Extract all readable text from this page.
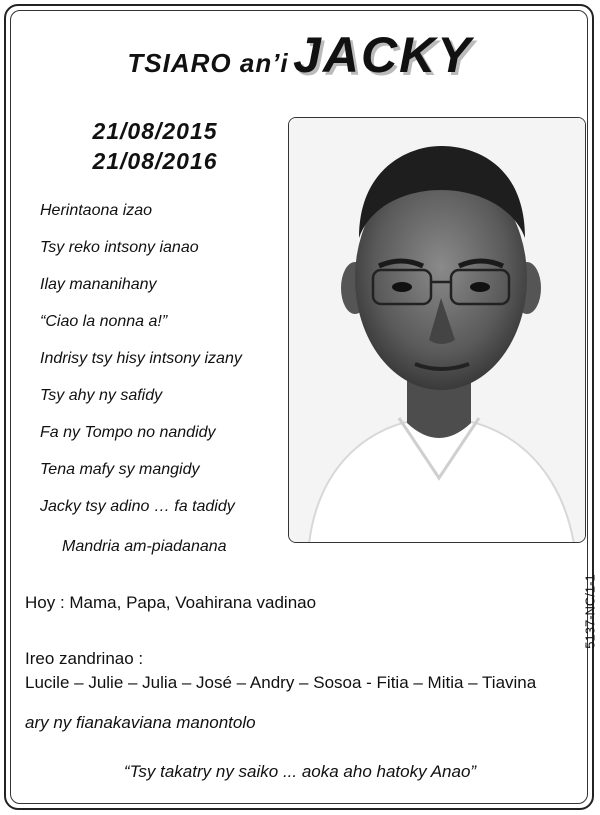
TSIARO an’i JACKY
21/08/2015
21/08/2016
Herintaona izao
Tsy reko intsony ianao
Ilay mananihany
“Ciao la nonna a!”
Indrisy tsy hisy intsony izany
Tsy ahy ny safidy
Fa ny Tompo no nandidy
Tena mafy sy mangidy
Jacky tsy adino … fa tadidy
Mandria am-piadanana
5137-NC/1-1
Hoy : Mama, Papa, Voahirana vadinao
Ireo zandrinao :
Lucile – Julie – Julia – José – Andry – Sosoa - Fitia – Mitia – Tiavina
ary ny fianakaviana manontolo
“Tsy takatry ny saiko ... aoka aho hatoky Anao”
